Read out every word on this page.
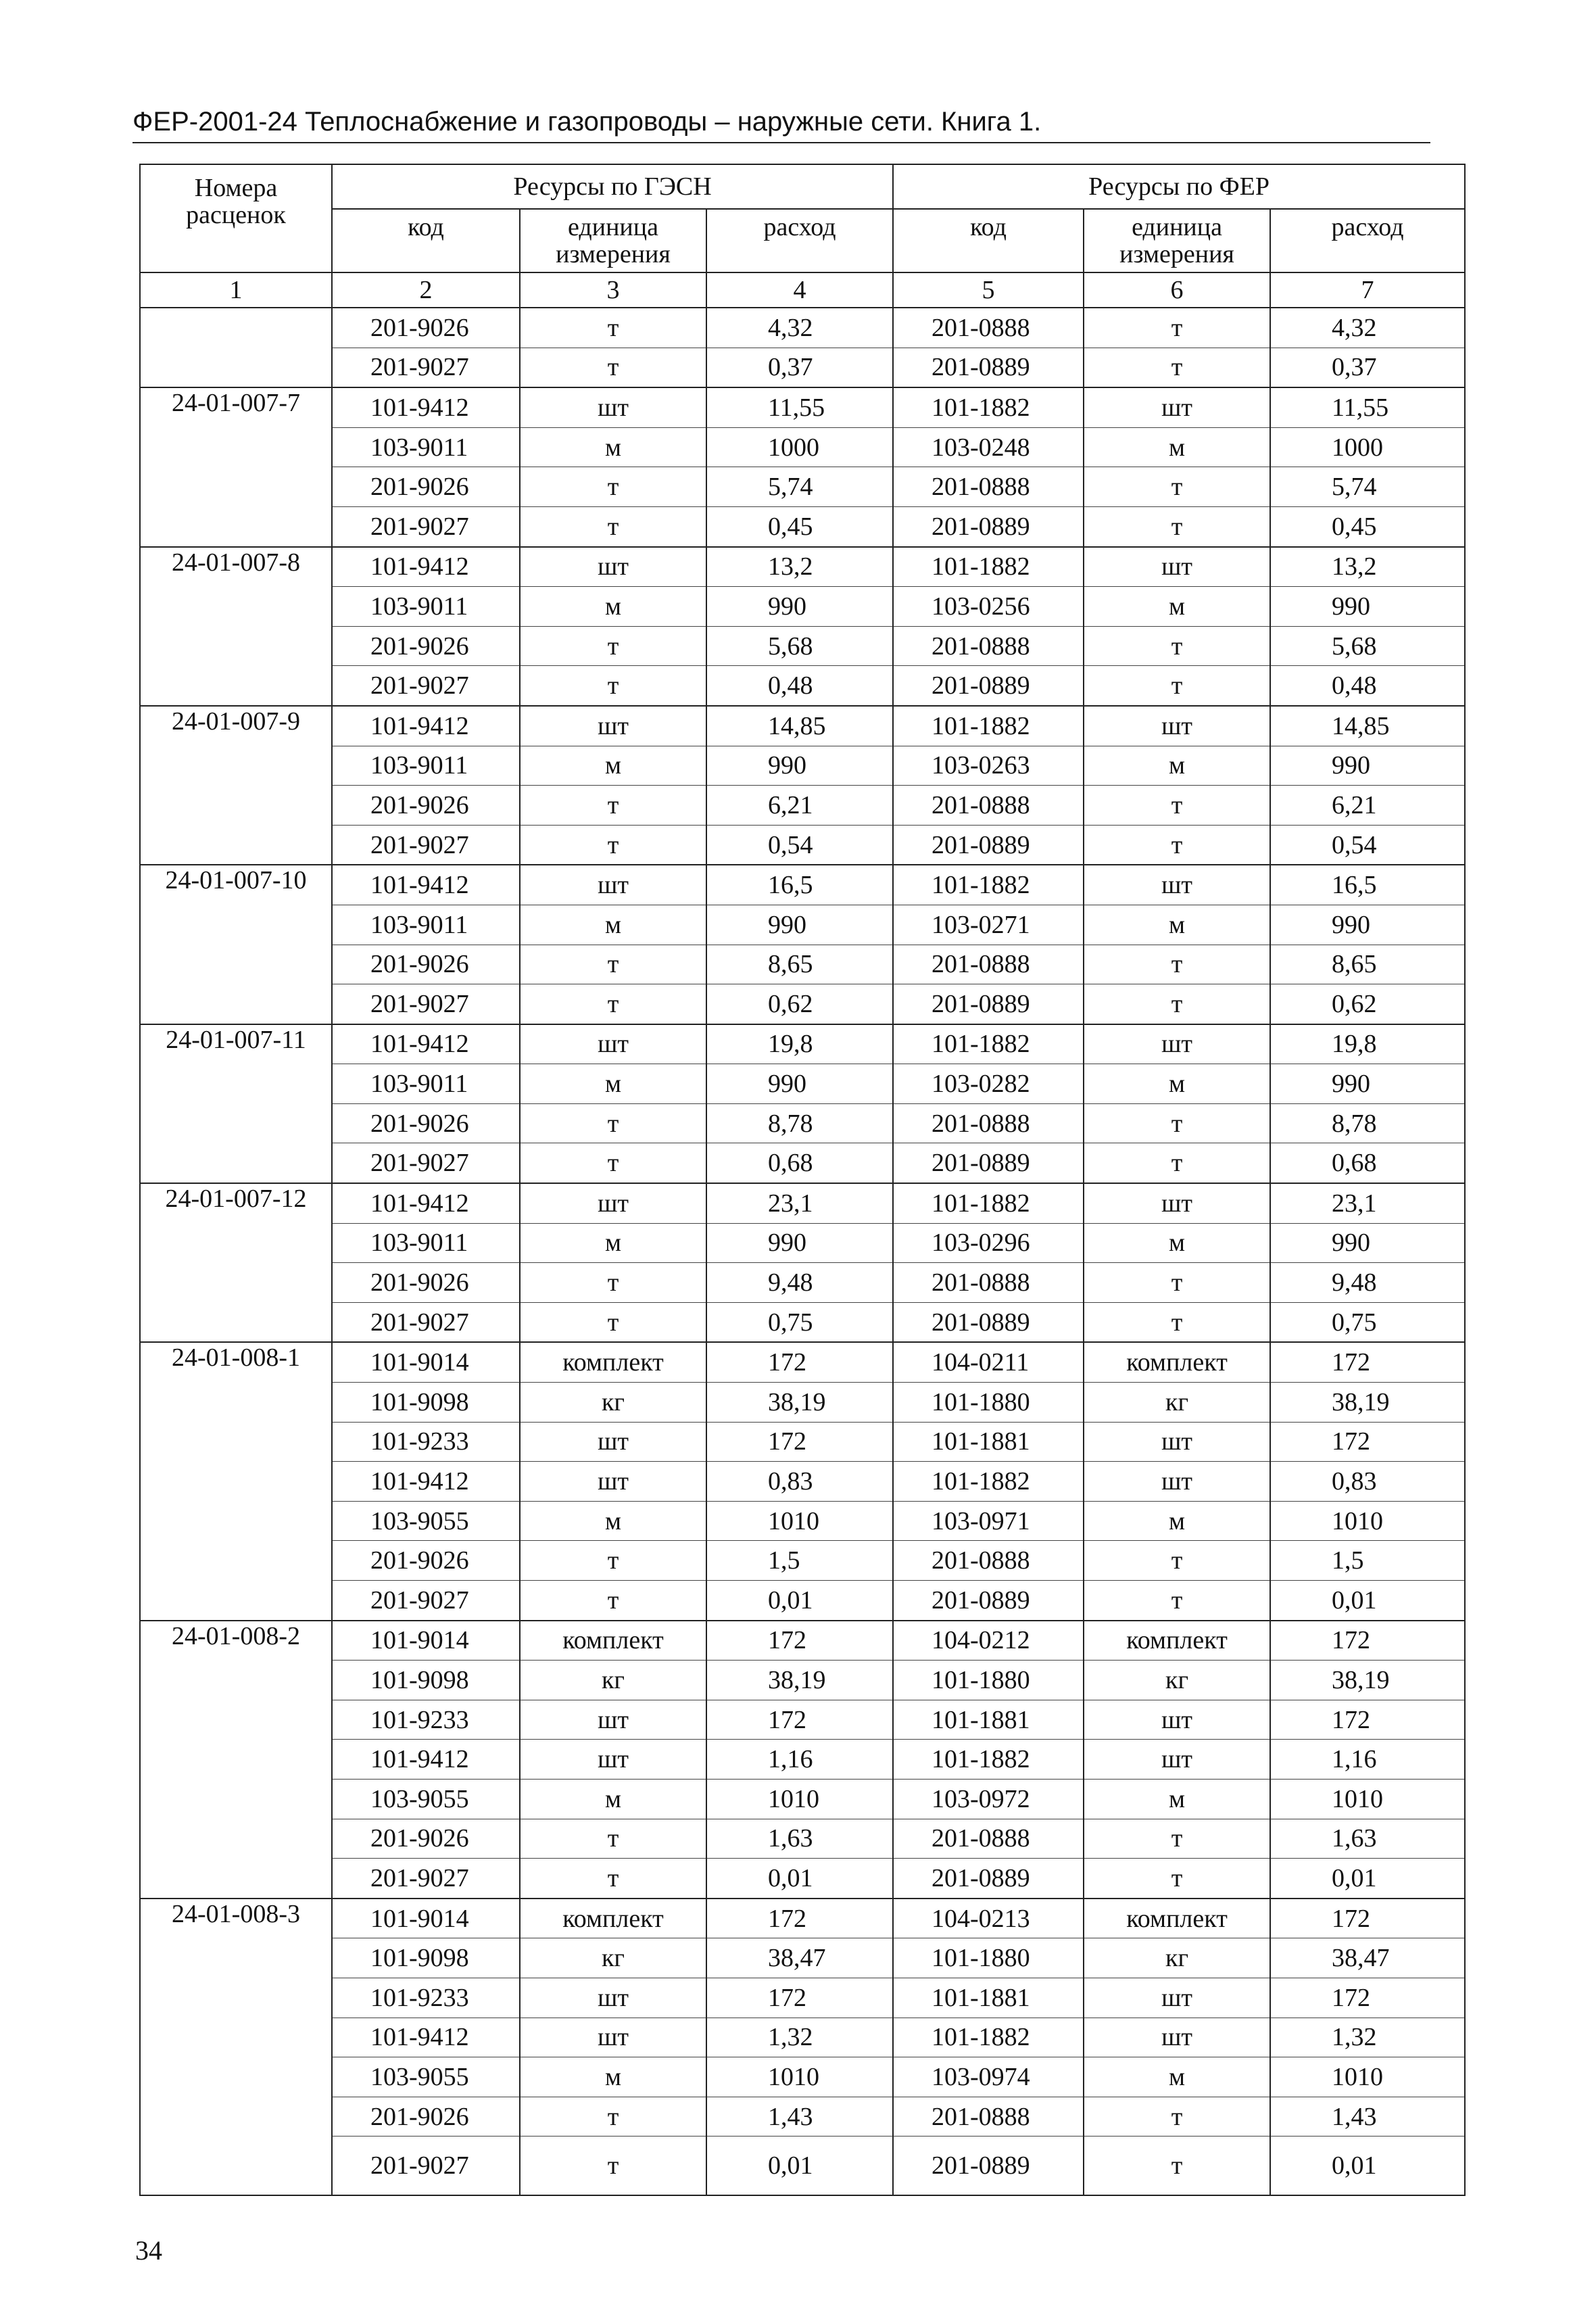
ФЕР-2001-24 Теплоснабжение и газопроводы – наружные сети. Книга 1.
Номера расценок	Ресурсы по ГЭСН			Ресурсы по ФЕР		
	код	единица измерения	расход	код	единица измерения	расход
1	2	3	4	5	6	7
	201-9026	т	4,32	201-0888	т	4,32
	201-9027	т	0,37	201-0889	т	0,37
24-01-007-7	101-9412	шт	11,55	101-1882	шт	11,55
	103-9011	м	1000	103-0248	м	1000
	201-9026	т	5,74	201-0888	т	5,74
	201-9027	т	0,45	201-0889	т	0,45
24-01-007-8	101-9412	шт	13,2	101-1882	шт	13,2
	103-9011	м	990	103-0256	м	990
	201-9026	т	5,68	201-0888	т	5,68
	201-9027	т	0,48	201-0889	т	0,48
24-01-007-9	101-9412	шт	14,85	101-1882	шт	14,85
	103-9011	м	990	103-0263	м	990
	201-9026	т	6,21	201-0888	т	6,21
	201-9027	т	0,54	201-0889	т	0,54
24-01-007-10	101-9412	шт	16,5	101-1882	шт	16,5
	103-9011	м	990	103-0271	м	990
	201-9026	т	8,65	201-0888	т	8,65
	201-9027	т	0,62	201-0889	т	0,62
24-01-007-11	101-9412	шт	19,8	101-1882	шт	19,8
	103-9011	м	990	103-0282	м	990
	201-9026	т	8,78	201-0888	т	8,78
	201-9027	т	0,68	201-0889	т	0,68
24-01-007-12	101-9412	шт	23,1	101-1882	шт	23,1
	103-9011	м	990	103-0296	м	990
	201-9026	т	9,48	201-0888	т	9,48
	201-9027	т	0,75	201-0889	т	0,75
24-01-008-1	101-9014	комплект	172	104-0211	комплект	172
	101-9098	кг	38,19	101-1880	кг	38,19
	101-9233	шт	172	101-1881	шт	172
	101-9412	шт	0,83	101-1882	шт	0,83
	103-9055	м	1010	103-0971	м	1010
	201-9026	т	1,5	201-0888	т	1,5
	201-9027	т	0,01	201-0889	т	0,01
24-01-008-2	101-9014	комплект	172	104-0212	комплект	172
	101-9098	кг	38,19	101-1880	кг	38,19
	101-9233	шт	172	101-1881	шт	172
	101-9412	шт	1,16	101-1882	шт	1,16
	103-9055	м	1010	103-0972	м	1010
	201-9026	т	1,63	201-0888	т	1,63
	201-9027	т	0,01	201-0889	т	0,01
24-01-008-3	101-9014	комплект	172	104-0213	комплект	172
	101-9098	кг	38,47	101-1880	кг	38,47
	101-9233	шт	172	101-1881	шт	172
	101-9412	шт	1,32	101-1882	шт	1,32
	103-9055	м	1010	103-0974	м	1010
	201-9026	т	1,43	201-0888	т	1,43
	201-9027	т	0,01	201-0889	т	0,01
34
